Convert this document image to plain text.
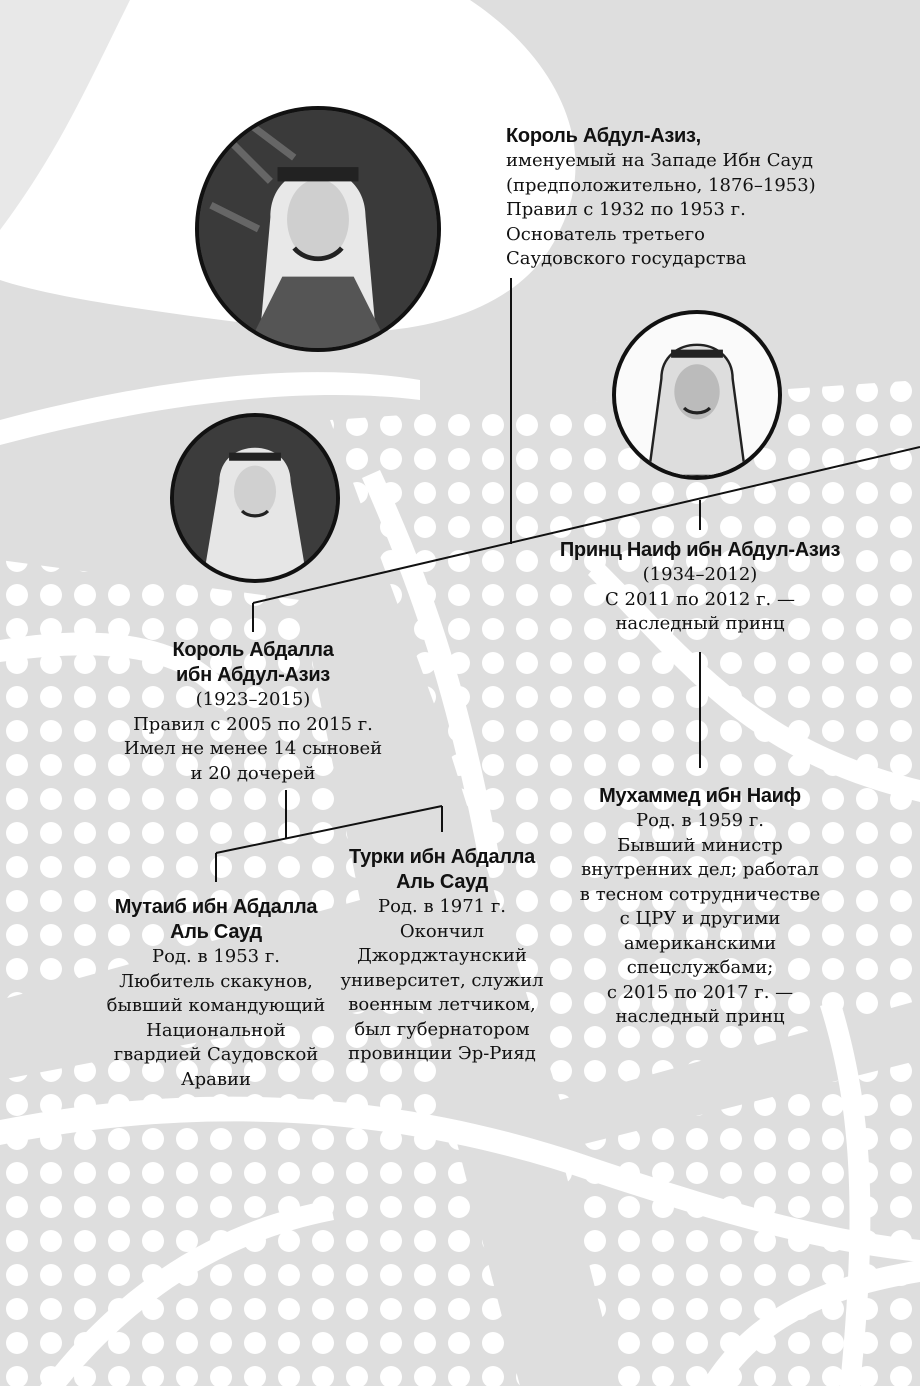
Король Абдул-Азиз,
именуемый на Западе Ибн Сауд
(предположительно, 1876–1953)
Правил с 1932 по 1953 г.
Основатель третьего
Саудовского государства
Принц Наиф ибн Абдул-Азиз
(1934–2012)
С 2011 по 2012 г. —
наследный принц
Король Абдалла
ибн Абдул-Азиз
(1923–2015)
Правил с 2005 по 2015 г.
Имел не менее 14 сыновей
и 20 дочерей
Мухаммед ибн Наиф
Род. в 1959 г.
Бывший министр
внутренних дел; работал
в тесном сотрудничестве
с ЦРУ и другими
американскими
спецслужбами;
с 2015 по 2017 г. —
наследный принц
Мутаиб ибн Абдалла
Аль Сауд
Род. в 1953 г.
Любитель скакунов,
бывший командующий
Национальной
гвардией Саудовской
Аравии
Турки ибн Абдалла
Аль Сауд
Род. в 1971 г.
Окончил
Джорджтаунский
университет, служил
военным летчиком,
был губернатором
провинции Эр-Рияд
